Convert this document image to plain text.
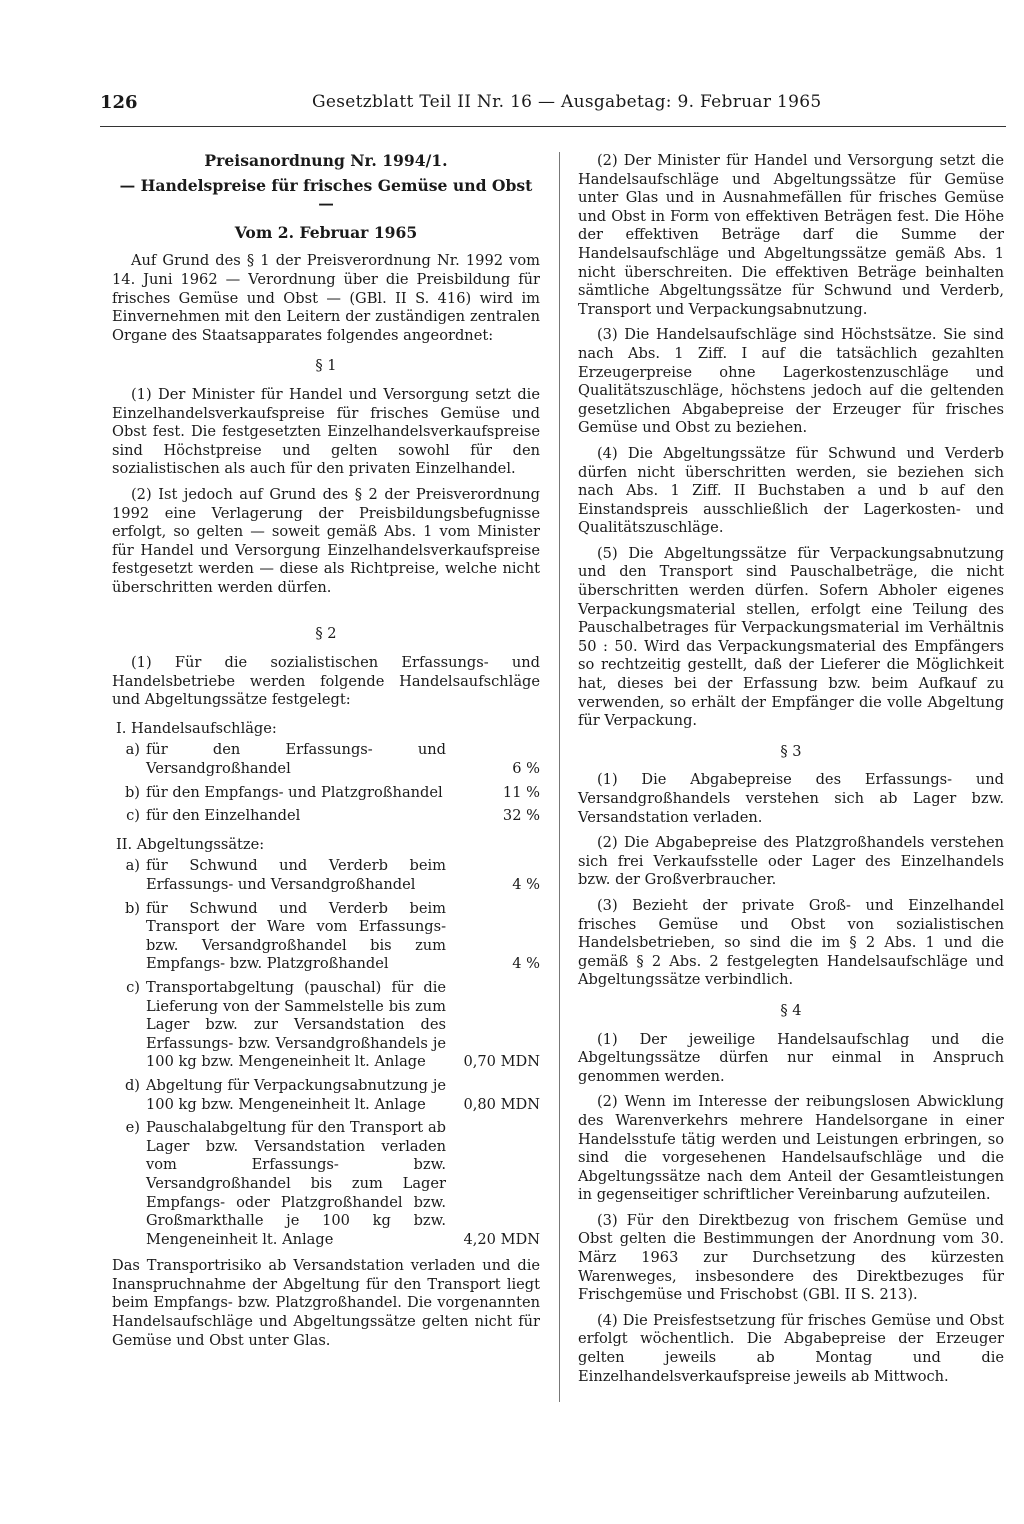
126	Gesetzblatt Teil II Nr. 16 — Ausgabetag: 9. Februar 1965
Preisanordnung Nr. 1994/1.
— Handelspreise für frisches Gemüse und Obst —
Vom 2. Februar 1965

Auf Grund des § 1 der Preisverordnung Nr. 1992 vom 14. Juni 1962 — Verordnung über die Preisbildung für frisches Gemüse und Obst — (GBl. II S. 416) wird im Einvernehmen mit den Leitern der zuständigen zentralen Organe des Staatsapparates folgendes angeordnet:

§ 1

(1) Der Minister für Handel und Versorgung setzt die Einzelhandelsverkaufspreise für frisches Gemüse und Obst fest. Die festgesetzten Einzelhandelsverkaufspreise sind Höchstpreise und gelten sowohl für den sozialistischen als auch für den privaten Einzelhandel.

(2) Ist jedoch auf Grund des § 2 der Preisverordnung 1992 eine Verlagerung der Preisbildungsbefugnisse erfolgt, so gelten — soweit gemäß Abs. 1 vom Minister für Handel und Versorgung Einzelhandelsverkaufspreise festgesetzt werden — diese als Richtpreise, welche nicht überschritten werden dürfen.

§ 2

(1) Für die sozialistischen Erfassungs- und Handelsbetriebe werden folgende Handelsaufschläge und Abgeltungssätze festgelegt:

I. Handelsaufschläge:
a) für den Erfassungs- und Versandgroßhandel	6 %
b) für den Empfangs- und Platzgroßhandel	11 %
c) für den Einzelhandel	32 %
II. Abgeltungssätze:
a) für Schwund und Verderb beim Erfassungs- und Versandgroßhandel	4 %
b) für Schwund und Verderb beim Transport der Ware vom Erfassungs- bzw. Versandgroßhandel bis zum Empfangs- bzw. Platzgroßhandel	4 %
c) Transportabgeltung (pauschal) für die Lieferung von der Sammelstelle bis zum Lager bzw. zur Versandstation des Erfassungs- bzw. Versandgroßhandels je 100 kg bzw. Mengeneinheit lt. Anlage	0,70 MDN
d) Abgeltung für Verpackungsabnutzung je 100 kg bzw. Mengeneinheit lt. Anlage	0,80 MDN
e) Pauschalabgeltung für den Transport ab Lager bzw. Versandstation verladen vom Erfassungs- bzw. Versandgroßhandel bis zum Lager Empfangs- oder Platzgroßhandel bzw. Großmarkthalle je 100 kg bzw. Mengeneinheit lt. Anlage	4,20 MDN

Das Transportrisiko ab Versandstation verladen und die Inanspruchnahme der Abgeltung für den Transport liegt beim Empfangs- bzw. Platzgroßhandel. Die vorgenannten Handelsaufschläge und Abgeltungssätze gelten nicht für Gemüse und Obst unter Glas.

(2) Der Minister für Handel und Versorgung setzt die Handelsaufschläge und Abgeltungssätze für Gemüse unter Glas und in Ausnahmefällen für frisches Gemüse und Obst in Form von effektiven Beträgen fest. Die Höhe der effektiven Beträge darf die Summe der Handelsaufschläge und Abgeltungssätze gemäß Abs. 1 nicht überschreiten. Die effektiven Beträge beinhalten sämtliche Abgeltungssätze für Schwund und Verderb, Transport und Verpackungsabnutzung.

(3) Die Handelsaufschläge sind Höchstsätze. Sie sind nach Abs. 1 Ziff. I auf die tatsächlich gezahlten Erzeugerpreise ohne Lagerkostenzuschläge und Qualitätszuschläge, höchstens jedoch auf die geltenden gesetzlichen Abgabepreise der Erzeuger für frisches Gemüse und Obst zu beziehen.

(4) Die Abgeltungssätze für Schwund und Verderb dürfen nicht überschritten werden, sie beziehen sich nach Abs. 1 Ziff. II Buchstaben a und b auf den Einstandspreis ausschließlich der Lagerkosten- und Qualitätszuschläge.

(5) Die Abgeltungssätze für Verpackungsabnutzung und den Transport sind Pauschalbeträge, die nicht überschritten werden dürfen. Sofern Abholer eigenes Verpackungsmaterial stellen, erfolgt eine Teilung des Pauschalbetrages für Verpackungsmaterial im Verhältnis 50 : 50. Wird das Verpackungsmaterial des Empfängers so rechtzeitig gestellt, daß der Lieferer die Möglichkeit hat, dieses bei der Erfassung bzw. beim Aufkauf zu verwenden, so erhält der Empfänger die volle Abgeltung für Verpackung.

§ 3

(1) Die Abgabepreise des Erfassungs- und Versandgroßhandels verstehen sich ab Lager bzw. Versandstation verladen.

(2) Die Abgabepreise des Platzgroßhandels verstehen sich frei Verkaufsstelle oder Lager des Einzelhandels bzw. der Großverbraucher.

(3) Bezieht der private Groß- und Einzelhandel frisches Gemüse und Obst von sozialistischen Handelsbetrieben, so sind die im § 2 Abs. 1 und die gemäß § 2 Abs. 2 festgelegten Handelsaufschläge und Abgeltungssätze verbindlich.

§ 4

(1) Der jeweilige Handelsaufschlag und die Abgeltungssätze dürfen nur einmal in Anspruch genommen werden.

(2) Wenn im Interesse der reibungslosen Abwicklung des Warenverkehrs mehrere Handelsorgane in einer Handelsstufe tätig werden und Leistungen erbringen, so sind die vorgesehenen Handelsaufschläge und die Abgeltungssätze nach dem Anteil der Gesamtleistungen in gegenseitiger schriftlicher Vereinbarung aufzuteilen.

(3) Für den Direktbezug von frischem Gemüse und Obst gelten die Bestimmungen der Anordnung vom 30. März 1963 zur Durchsetzung des kürzesten Warenweges, insbesondere des Direktbezuges für Frischgemüse und Frischobst (GBl. II S. 213).

(4) Die Preisfestsetzung für frisches Gemüse und Obst erfolgt wöchentlich. Die Abgabepreise der Erzeuger gelten jeweils ab Montag und die Einzelhandelsverkaufspreise jeweils ab Mittwoch.
